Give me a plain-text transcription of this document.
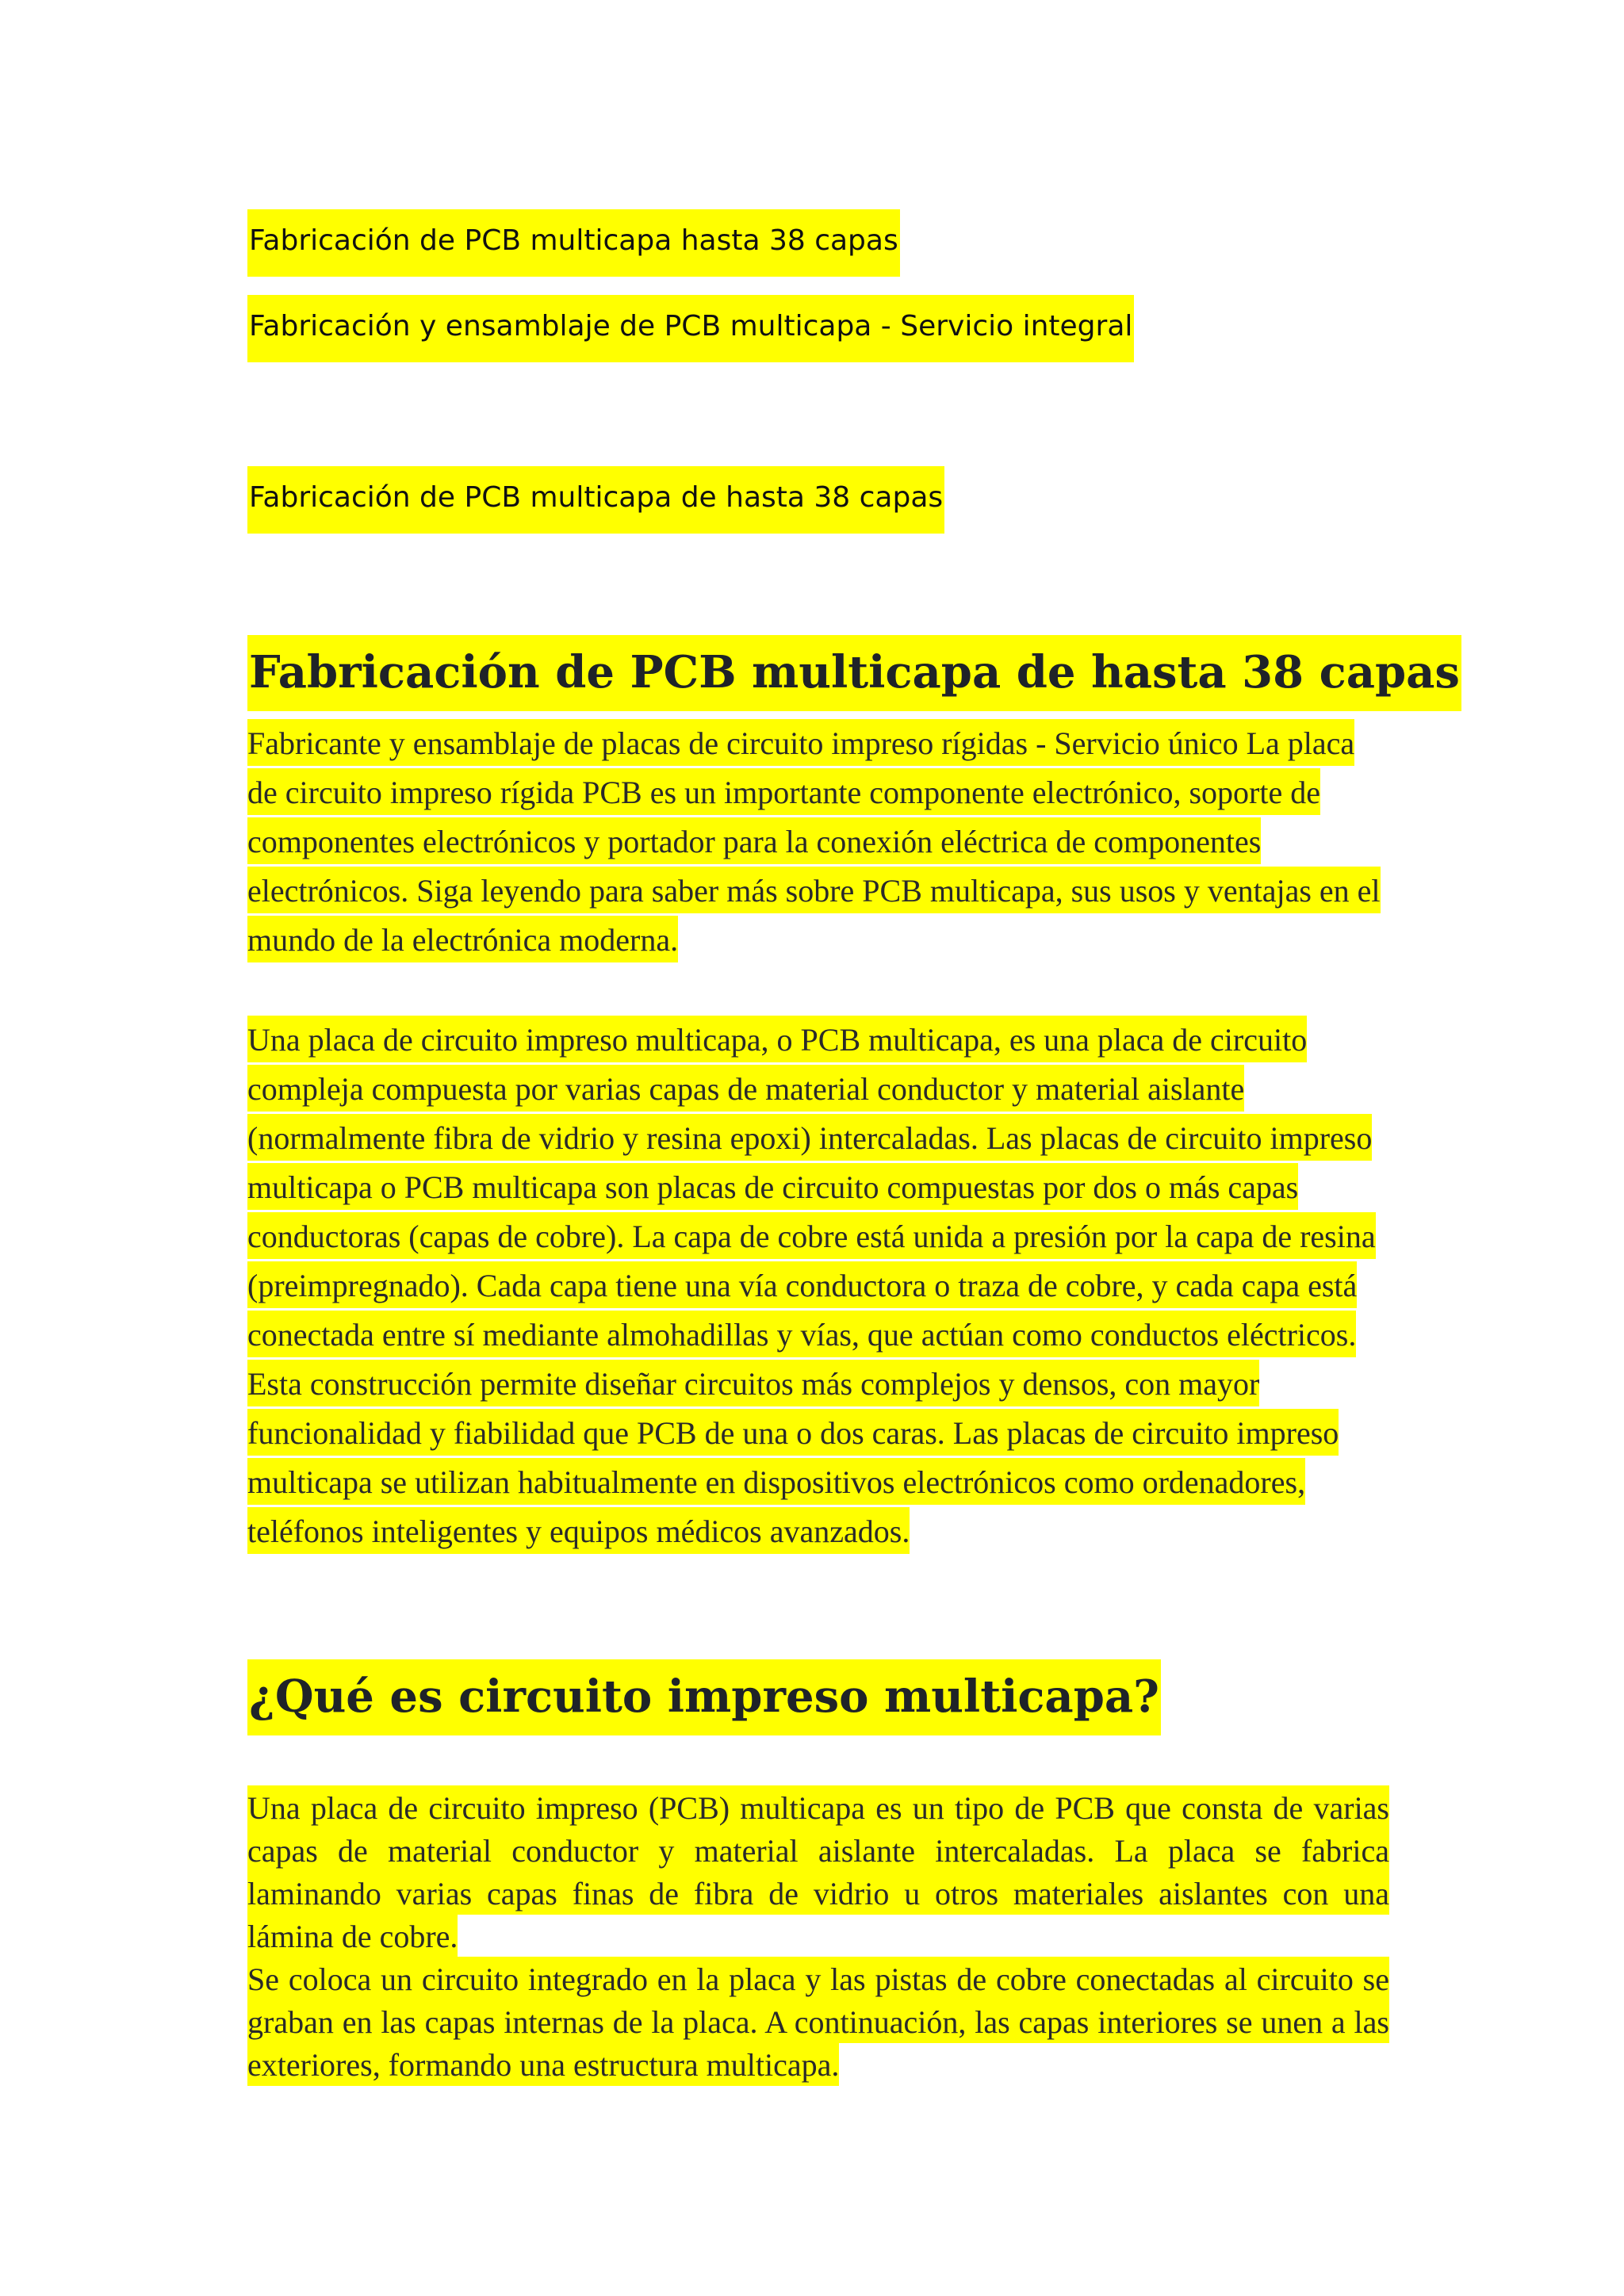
Fabricación de PCB multicapa hasta 38 capas

Fabricación y ensamblaje de PCB multicapa - Servicio integral

Fabricación de PCB multicapa de hasta 38 capas

Fabricación de PCB multicapa de hasta 38 capas

Fabricante y ensamblaje de placas de circuito impreso rígidas - Servicio único La placa de circuito impreso rígida PCB es un importante componente electrónico, soporte de componentes electrónicos y portador para la conexión eléctrica de componentes electrónicos. Siga leyendo para saber más sobre PCB multicapa, sus usos y ventajas en el mundo de la electrónica moderna.

Una placa de circuito impreso multicapa, o PCB multicapa, es una placa de circuito compleja compuesta por varias capas de material conductor y material aislante (normalmente fibra de vidrio y resina epoxi) intercaladas. Las placas de circuito impreso multicapa o PCB multicapa son placas de circuito compuestas por dos o más capas conductoras (capas de cobre). La capa de cobre está unida a presión por la capa de resina (preimpregnado). Cada capa tiene una vía conductora o traza de cobre, y cada capa está conectada entre sí mediante almohadillas y vías, que actúan como conductos eléctricos. Esta construcción permite diseñar circuitos más complejos y densos, con mayor funcionalidad y fiabilidad que PCB de una o dos caras. Las placas de circuito impreso multicapa se utilizan habitualmente en dispositivos electrónicos como ordenadores, teléfonos inteligentes y equipos médicos avanzados.

¿Qué es circuito impreso multicapa?

Una placa de circuito impreso (PCB) multicapa es un tipo de PCB que consta de varias capas de material conductor y material aislante intercaladas. La placa se fabrica laminando varias capas finas de fibra de vidrio u otros materiales aislantes con una lámina de cobre.

Se coloca un circuito integrado en la placa y las pistas de cobre conectadas al circuito se graban en las capas internas de la placa. A continuación, las capas interiores se unen a las exteriores, formando una estructura multicapa.
